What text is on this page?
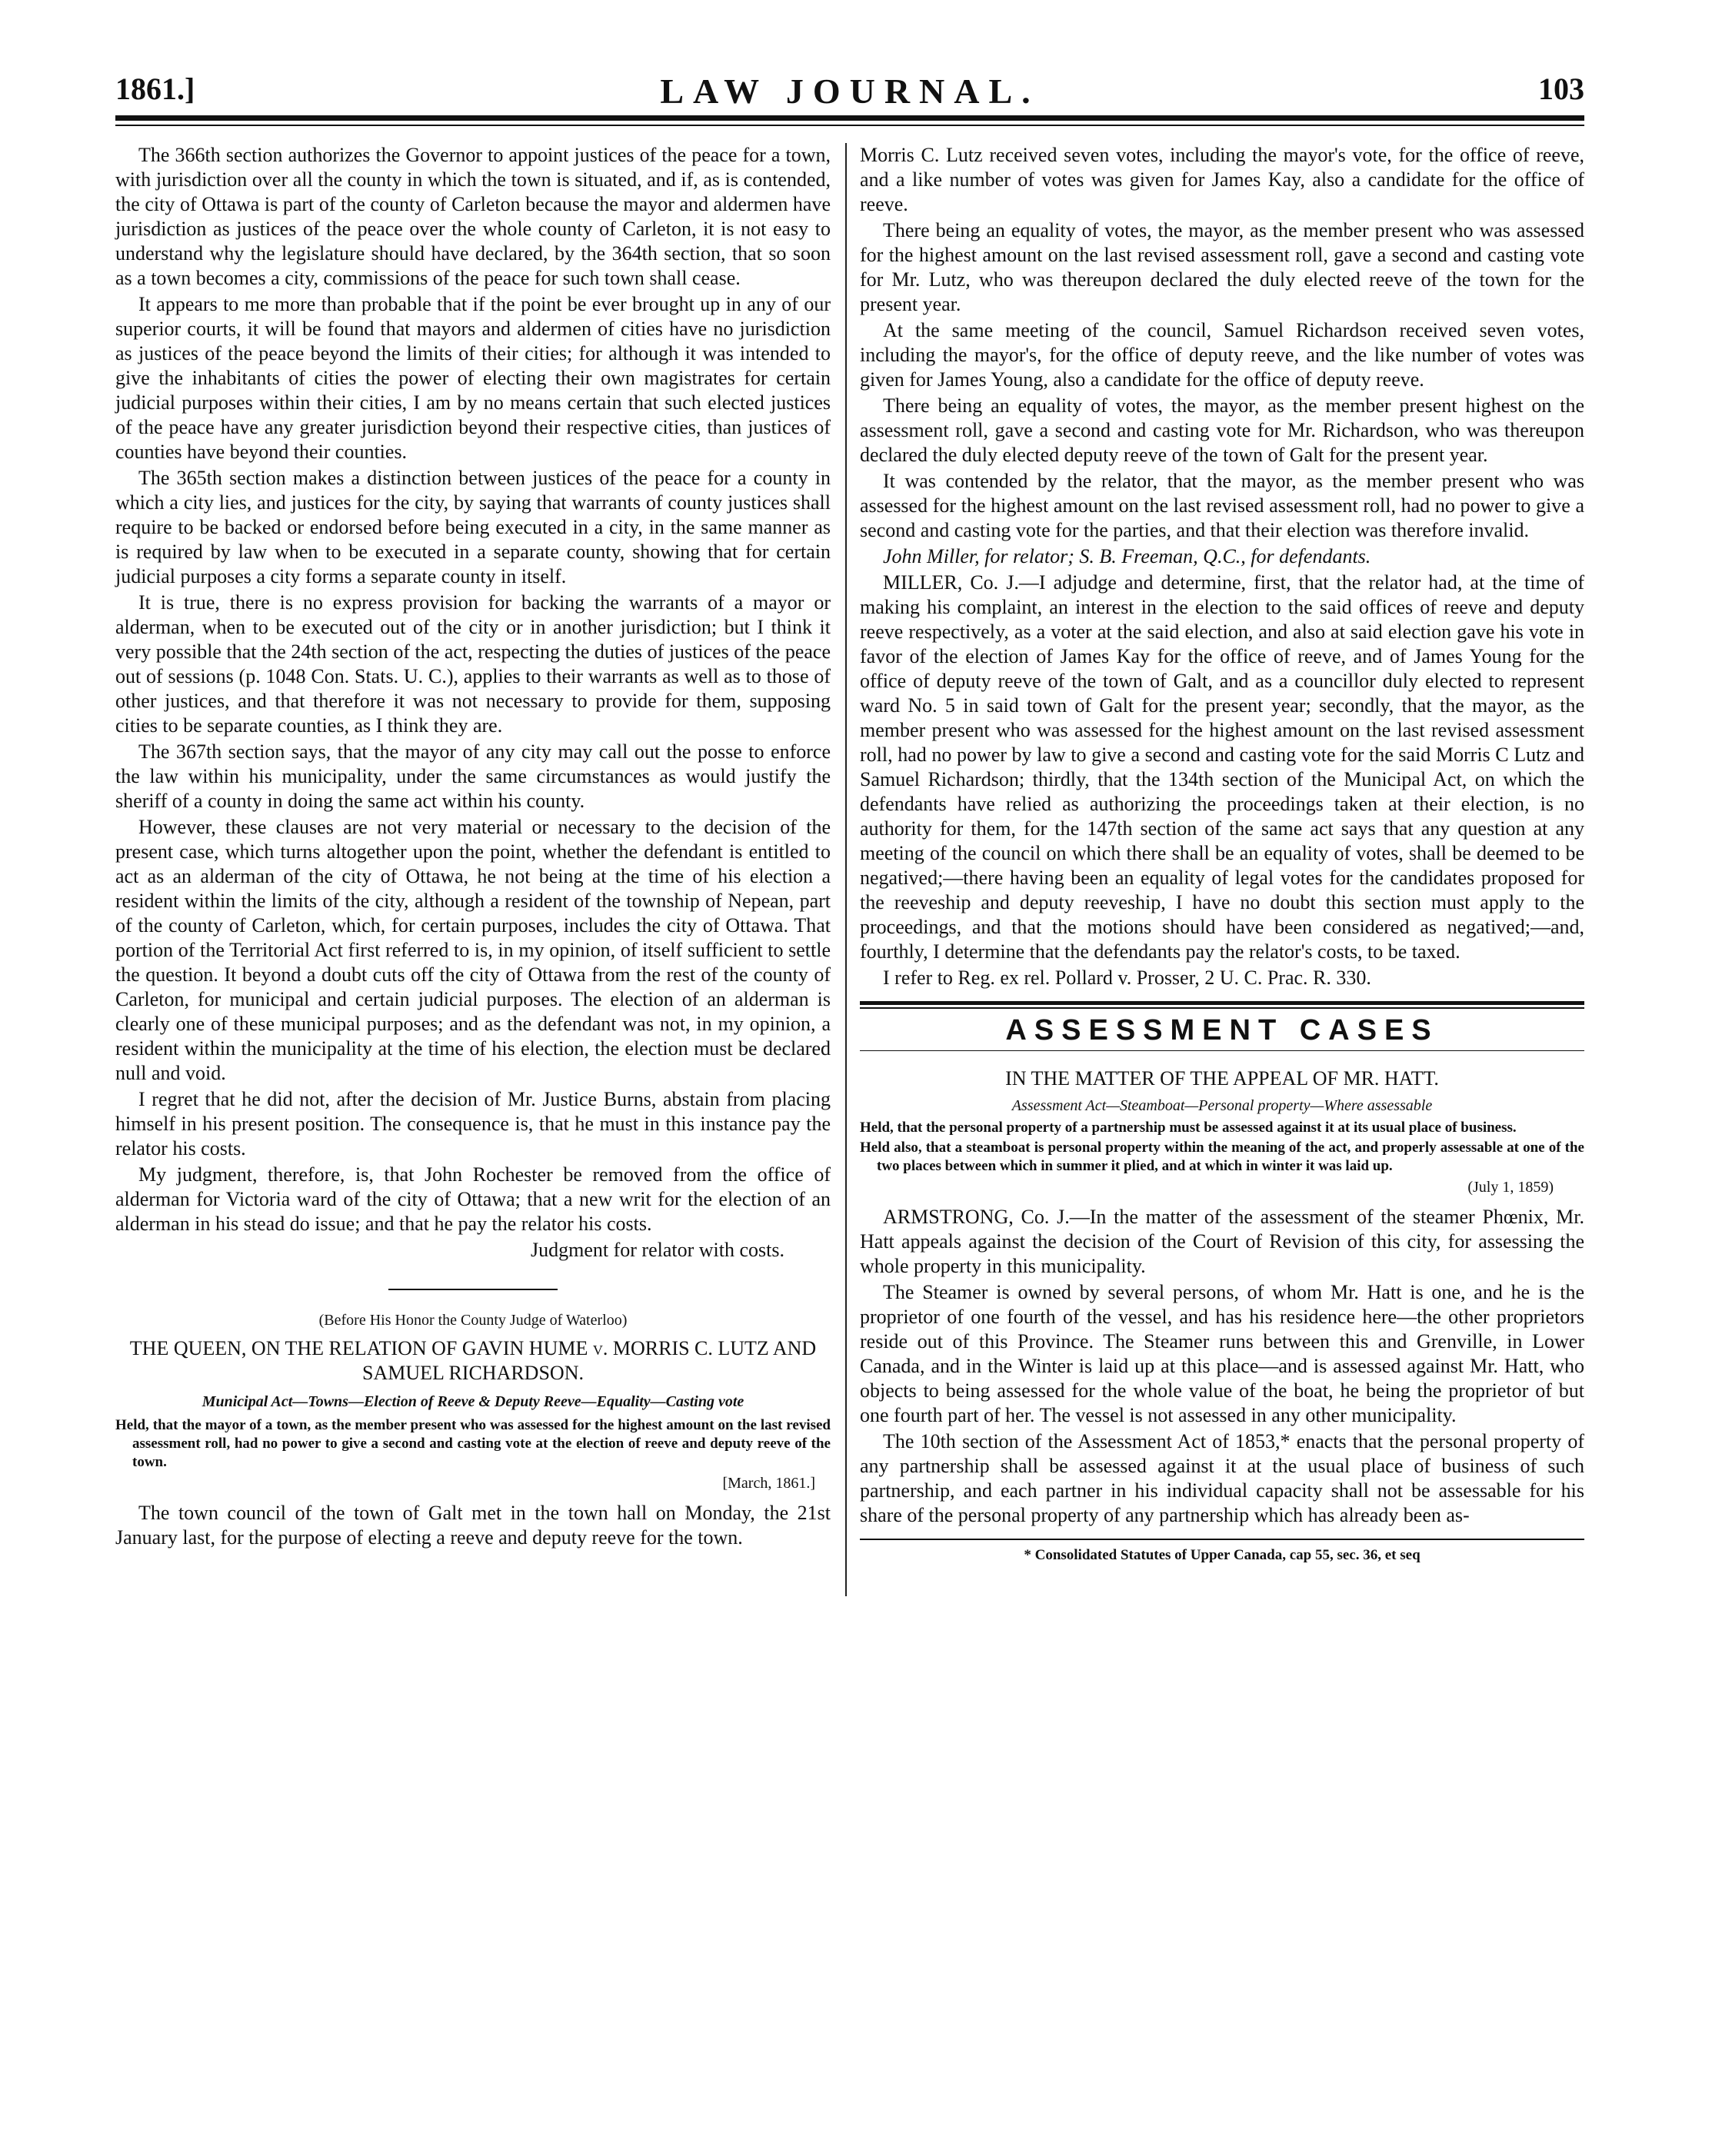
1861.]	LAW JOURNAL.	103

The 366th section authorizes the Governor to appoint justices of the peace for a town, with jurisdiction over all the county in which the town is situated, and if, as is contended, the city of Ottawa is part of the county of Carleton because the mayor and aldermen have jurisdiction as justices of the peace over the whole county of Carleton, it is not easy to understand why the legislature should have declared, by the 364th section, that so soon as a town becomes a city, commissions of the peace for such town shall cease.

It appears to me more than probable that if the point be ever brought up in any of our superior courts, it will be found that mayors and aldermen of cities have no jurisdiction as justices of the peace beyond the limits of their cities; for although it was intended to give the inhabitants of cities the power of electing their own magistrates for certain judicial purposes within their cities, I am by no means certain that such elected justices of the peace have any greater jurisdiction beyond their respective cities, than justices of counties have beyond their counties.

The 365th section makes a distinction between justices of the peace for a county in which a city lies, and justices for the city, by saying that warrants of county justices shall require to be backed or endorsed before being executed in a city, in the same manner as is required by law when to be executed in a separate county, showing that for certain judicial purposes a city forms a separate county in itself.

It is true, there is no express provision for backing the warrants of a mayor or alderman, when to be executed out of the city or in another jurisdiction; but I think it very possible that the 24th section of the act, respecting the duties of justices of the peace out of sessions (p. 1048 Con. Stats. U. C.), applies to their warrants as well as to those of other justices, and that therefore it was not necessary to provide for them, supposing cities to be separate counties, as I think they are.

The 367th section says, that the mayor of any city may call out the posse to enforce the law within his municipality, under the same circumstances as would justify the sheriff of a county in doing the same act within his county.

However, these clauses are not very material or necessary to the decision of the present case, which turns altogether upon the point, whether the defendant is entitled to act as an alderman of the city of Ottawa, he not being at the time of his election a resident within the limits of the city, although a resident of the township of Nepean, part of the county of Carleton, which, for certain purposes, includes the city of Ottawa. That portion of the Territorial Act first referred to is, in my opinion, of itself sufficient to settle the question. It beyond a doubt cuts off the city of Ottawa from the rest of the county of Carleton, for municipal and certain judicial purposes. The election of an alderman is clearly one of these municipal purposes; and as the defendant was not, in my opinion, a resident within the municipality at the time of his election, the election must be declared null and void.

I regret that he did not, after the decision of Mr. Justice Burns, abstain from placing himself in his present position. The consequence is, that he must in this instance pay the relator his costs.

My judgment, therefore, is, that John Rochester be removed from the office of alderman for Victoria ward of the city of Ottawa; that a new writ for the election of an alderman in his stead do issue; and that he pay the relator his costs.

Judgment for relator with costs.

(Before His Honor the County Judge of Waterloo)

THE QUEEN, ON THE RELATION OF GAVIN HUME v. MORRIS C. LUTZ AND SAMUEL RICHARDSON.

Municipal Act—Towns—Election of Reeve & Deputy Reeve—Equality—Casting vote

Held, that the mayor of a town, as the member present who was assessed for the highest amount on the last revised assessment roll, had no power to give a second and casting vote at the election of reeve and deputy reeve of the town.

[March, 1861.]

The town council of the town of Galt met in the town hall on Monday, the 21st January last, for the purpose of electing a reeve and deputy reeve for the town.

Morris C. Lutz received seven votes, including the mayor's vote, for the office of reeve, and a like number of votes was given for James Kay, also a candidate for the office of reeve.

There being an equality of votes, the mayor, as the member present who was assessed for the highest amount on the last revised assessment roll, gave a second and casting vote for Mr. Lutz, who was thereupon declared the duly elected reeve of the town for the present year.

At the same meeting of the council, Samuel Richardson received seven votes, including the mayor's, for the office of deputy reeve, and the like number of votes was given for James Young, also a candidate for the office of deputy reeve.

There being an equality of votes, the mayor, as the member present highest on the assessment roll, gave a second and casting vote for Mr. Richardson, who was thereupon declared the duly elected deputy reeve of the town of Galt for the present year.

It was contended by the relator, that the mayor, as the member present who was assessed for the highest amount on the last revised assessment roll, had no power to give a second and casting vote for the parties, and that their election was therefore invalid.

John Miller, for relator; S. B. Freeman, Q.C., for defendants.

MILLER, Co. J.—I adjudge and determine, first, that the relator had, at the time of making his complaint, an interest in the election to the said offices of reeve and deputy reeve respectively, as a voter at the said election, and also at said election gave his vote in favor of the election of James Kay for the office of reeve, and of James Young for the office of deputy reeve of the town of Galt, and as a councillor duly elected to represent ward No. 5 in said town of Galt for the present year; secondly, that the mayor, as the member present who was assessed for the highest amount on the last revised assessment roll, had no power by law to give a second and casting vote for the said Morris C Lutz and Samuel Richardson; thirdly, that the 134th section of the Municipal Act, on which the defendants have relied as authorizing the proceedings taken at their election, is no authority for them, for the 147th section of the same act says that any question at any meeting of the council on which there shall be an equality of votes, shall be deemed to be negatived;—there having been an equality of legal votes for the candidates proposed for the reeveship and deputy reeveship, I have no doubt this section must apply to the proceedings, and that the motions should have been considered as negatived;—and, fourthly, I determine that the defendants pay the relator's costs, to be taxed.

I refer to Reg. ex rel. Pollard v. Prosser, 2 U. C. Prac. R. 330.

ASSESSMENT CASES

IN THE MATTER OF THE APPEAL OF MR. HATT.

Assessment Act—Steamboat—Personal property—Where assessable

Held, that the personal property of a partnership must be assessed against it at its usual place of business.

Held also, that a steamboat is personal property within the meaning of the act, and properly assessable at one of the two places between which in summer it plied, and at which in winter it was laid up.

(July 1, 1859)

ARMSTRONG, Co. J.—In the matter of the assessment of the steamer Phœnix, Mr. Hatt appeals against the decision of the Court of Revision of this city, for assessing the whole property in this municipality.

The Steamer is owned by several persons, of whom Mr. Hatt is one, and he is the proprietor of one fourth of the vessel, and has his residence here—the other proprietors reside out of this Province. The Steamer runs between this and Grenville, in Lower Canada, and in the Winter is laid up at this place—and is assessed against Mr. Hatt, who objects to being assessed for the whole value of the boat, he being the proprietor of but one fourth part of her. The vessel is not assessed in any other municipality.

The 10th section of the Assessment Act of 1853,* enacts that the personal property of any partnership shall be assessed against it at the usual place of business of such partnership, and each partner in his individual capacity shall not be assessable for his share of the personal property of any partnership which has already been as-

* Consolidated Statutes of Upper Canada, cap 55, sec. 36, et seq
